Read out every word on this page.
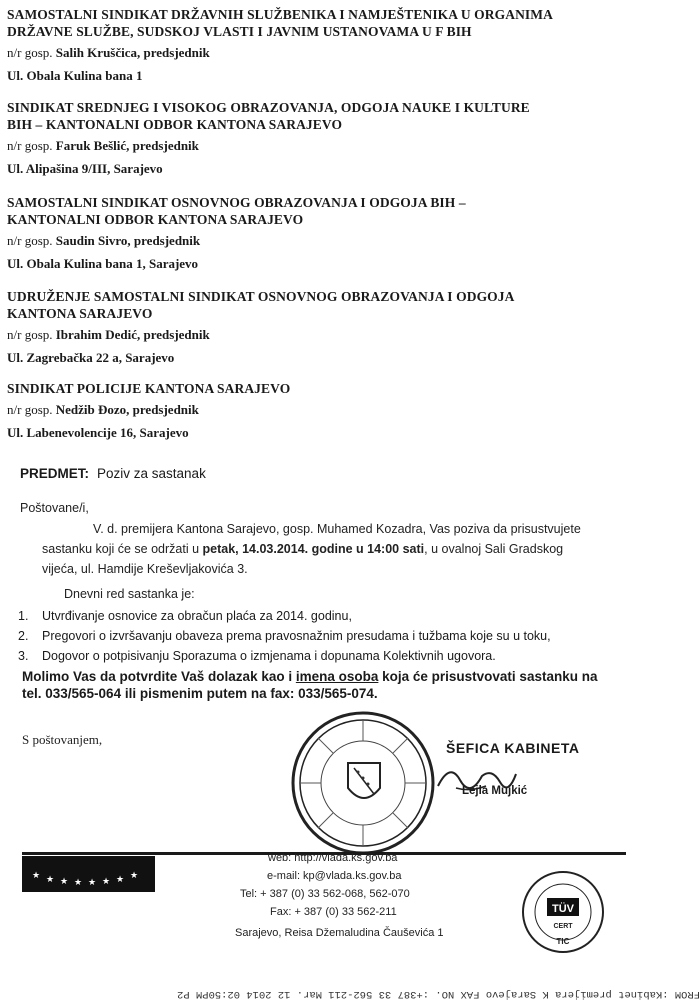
SAMOSTALNI SINDIKAT DRŽAVNIH SLUŽBENIKA I NAMJEŠTENIKA U ORGANIMA
DRŽAVNE SLUŽBE, SUDSKOJ VLASTI I JAVNIM USTANOVAMA U F BIH
n/r gosp. Salih Kruščica, predsjednik
Ul. Obala Kulina bana 1
SINDIKAT SREDNJEG I VISOKOG OBRAZOVANJA, ODGOJA NAUKE I KULTURE
BIH – KANTONALNI ODBOR KANTONA SARAJEVO
n/r gosp. Faruk Bešlić, predsjednik
Ul. Alipašina 9/III, Sarajevo
SAMOSTALNI SINDIKAT OSNOVNOG OBRAZOVANJA I ODGOJA BIH –
KANTONALNI ODBOR KANTONA SARAJEVO
n/r gosp. Saudin Sivro, predsjednik
Ul. Obala Kulina bana 1, Sarajevo
UDRUŽENJE SAMOSTALNI SINDIKAT OSNOVNOG OBRAZOVANJA I ODGOJA
KANTONA SARAJEVO
n/r gosp. Ibrahim Dedić, predsjednik
Ul. Zagrebačka 22 a, Sarajevo
SINDIKAT POLICIJE KANTONA SARAJEVO
n/r gosp. Nedžib Đozo, predsjednik
Ul. Labenevolencije 16, Sarajevo
PREDMET: Poziv za sastanak
Poštovane/i,
V. d. premijera Kantona Sarajevo, gosp. Muhamed Kozadra, Vas poziva da prisustvujete
sastanku koji će se održati u petak, 14.03.2014. godine u 14:00 sati, u ovalnoj Sali Gradskog
vijeća, ul. Hamdije Kreševljakovića 3.
Dnevni red sastanka je:
1. Utvrđivanje osnovice za obračun plaća za 2014. godinu,
2. Pregovori o izvršavanju obaveza prema pravosnažnim presudama i tužbama koje su u toku,
3. Dogovor o potpisivanju Sporazuma o izmjenama i dopunama Kolektivnih ugovora.
Molimo Vas da potvrdite Vaš dolazak kao i imena osoba koja će prisustvovati sastanku na
tel. 033/565-064 ili pismenim putem na fax: 033/565-074.
S poštovanjem,
ŠEFICA KABINETA
Lejla Mujkić
★ ★ ★ ★ ★ ★ ★ ★
web: http://vlada.ks.gov.ba
e-mail: kp@vlada.ks.gov.ba
Tel: + 387 (0) 33 562-068, 562-070
Fax: + 387 (0) 33 562-211
Sarajevo, Reisa Džemaludina Čauševića 1
TÜV
CERT
TIC
FROM :Kabinet premijera K Sarajevo FAX NO. :+387 33 562-211 Mar. 12 2014 02:50PM P2
